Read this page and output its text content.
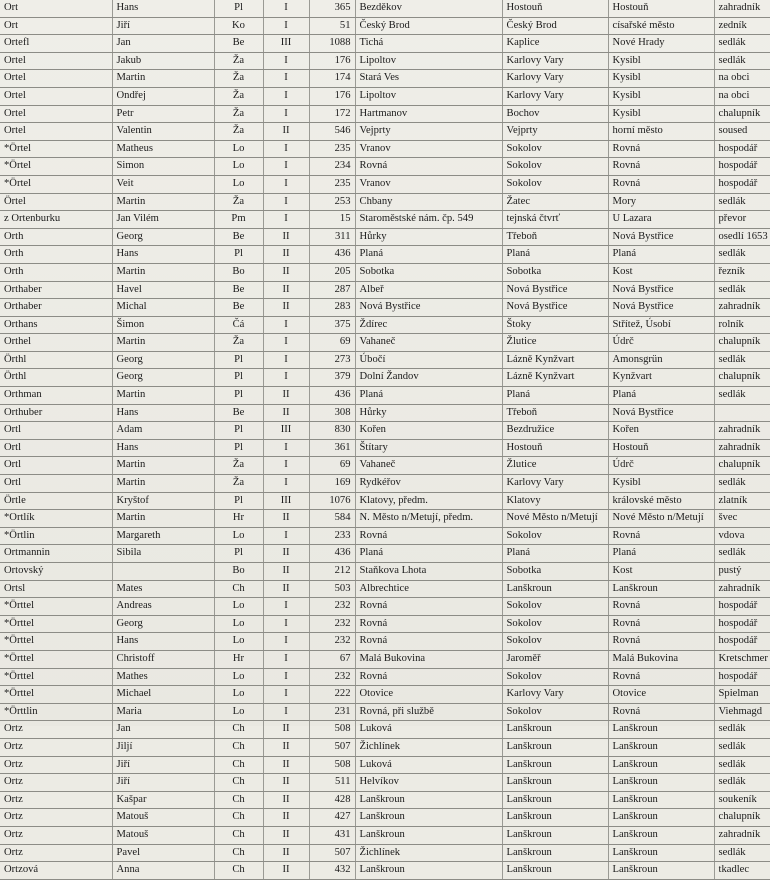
Ort	Hans	Pl	I	365	Bezděkov	Hostouň	Hostouň	zahradník
Ort	Jiří	Ko	I	51	Český Brod	Český Brod	císařské město	zedník
Ortefl	Jan	Be	III	1088	Tichá	Kaplice	Nové Hrady	sedlák
Ortel	Jakub	Ža	I	176	Lipoltov	Karlovy Vary	Kysibl	sedlák
Ortel	Martin	Ža	I	174	Stará Ves	Karlovy Vary	Kysibl	na obci
Ortel	Ondřej	Ža	I	176	Lipoltov	Karlovy Vary	Kysibl	na obci
Ortel	Petr	Ža	I	172	Hartmanov	Bochov	Kysibl	chalupník
Ortel	Valentin	Ža	II	546	Vejprty	Vejprty	horní město	soused
*Örtel	Matheus	Lo	I	235	Vranov	Sokolov	Rovná	hospodář
*Örtel	Simon	Lo	I	234	Rovná	Sokolov	Rovná	hospodář
*Örtel	Veit	Lo	I	235	Vranov	Sokolov	Rovná	hospodář
Örtel	Martin	Ža	I	253	Chbany	Žatec	Mory	sedlák
z Ortenburku	Jan Vilém	Pm	I	15	Staroměstské nám. čp. 549	tejnská čtvrť	U Lazara	převor
Orth	Georg	Be	II	311	Hůrky	Třeboň	Nová Bystřice	osedlí 1653
Orth	Hans	Pl	II	436	Planá	Planá	Planá	sedlák
Orth	Martin	Bo	II	205	Sobotka	Sobotka	Kost	řezník
Orthaber	Havel	Be	II	287	Albeř	Nová Bystřice	Nová Bystřice	sedlák
Orthaber	Michal	Be	II	283	Nová Bystřice	Nová Bystřice	Nová Bystřice	zahradník
Orthans	Šimon	Čá	I	375	Ždírec	Štoky	Střítež, Úsobí	rolník
Orthel	Martin	Ža	I	69	Vahaneč	Žlutice	Údrč	chalupník
Örthl	Georg	Pl	I	273	Úbočí	Lázně Kynžvart	Amonsgrün	sedlák
Örthl	Georg	Pl	I	379	Dolní Žandov	Lázně Kynžvart	Kynžvart	chalupník
Orthman	Martin	Pl	II	436	Planá	Planá	Planá	sedlák
Orthuber	Hans	Be	II	308	Hůrky	Třeboň	Nová Bystřice	
Ortl	Adam	Pl	III	830	Kořen	Bezdružice	Kořen	zahradník
Ortl	Hans	Pl	I	361	Štítary	Hostouň	Hostouň	zahradník
Ortl	Martin	Ža	I	69	Vahaneč	Žlutice	Údrč	chalupník
Ortl	Martin	Ža	I	169	Rydkéřov	Karlovy Vary	Kysibl	sedlák
Örtle	Kryštof	Pl	III	1076	Klatovy, předm.	Klatovy	královské město	zlatník
*Ortlík	Martin	Hr	II	584	N. Město n/Metují, předm.	Nové Město n/Metují	Nové Město n/Metují	švec
*Örtlin	Margareth	Lo	I	233	Rovná	Sokolov	Rovná	vdova
Ortmannin	Sibila	Pl	II	436	Planá	Planá	Planá	sedlák
Ortovský		Bo	II	212	Staňkova Lhota	Sobotka	Kost	pustý
Ortsl	Mates	Ch	II	503	Albrechtice	Lanškroun	Lanškroun	zahradník
*Örttel	Andreas	Lo	I	232	Rovná	Sokolov	Rovná	hospodář
*Örttel	Georg	Lo	I	232	Rovná	Sokolov	Rovná	hospodář
*Örttel	Hans	Lo	I	232	Rovná	Sokolov	Rovná	hospodář
*Örttel	Christoff	Hr	I	67	Malá Bukovina	Jaroměř	Malá Bukovina	Kretschmer
*Örttel	Mathes	Lo	I	232	Rovná	Sokolov	Rovná	hospodář
*Örttel	Michael	Lo	I	222	Otovice	Karlovy Vary	Otovice	Spielman
*Örttlin	Maria	Lo	I	231	Rovná, při službě	Sokolov	Rovná	Viehmagd
Ortz	Jan	Ch	II	508	Luková	Lanškroun	Lanškroun	sedlák
Ortz	Jiljí	Ch	II	507	Žichlínek	Lanškroun	Lanškroun	sedlák
Ortz	Jiří	Ch	II	508	Luková	Lanškroun	Lanškroun	sedlák
Ortz	Jiří	Ch	II	511	Helvíkov	Lanškroun	Lanškroun	sedlák
Ortz	Kašpar	Ch	II	428	Lanškroun	Lanškroun	Lanškroun	soukeník
Ortz	Matouš	Ch	II	427	Lanškroun	Lanškroun	Lanškroun	chalupník
Ortz	Matouš	Ch	II	431	Lanškroun	Lanškroun	Lanškroun	zahradník
Ortz	Pavel	Ch	II	507	Žichlínek	Lanškroun	Lanškroun	sedlák
Ortzová	Anna	Ch	II	432	Lanškroun	Lanškroun	Lanškroun	tkadlec
